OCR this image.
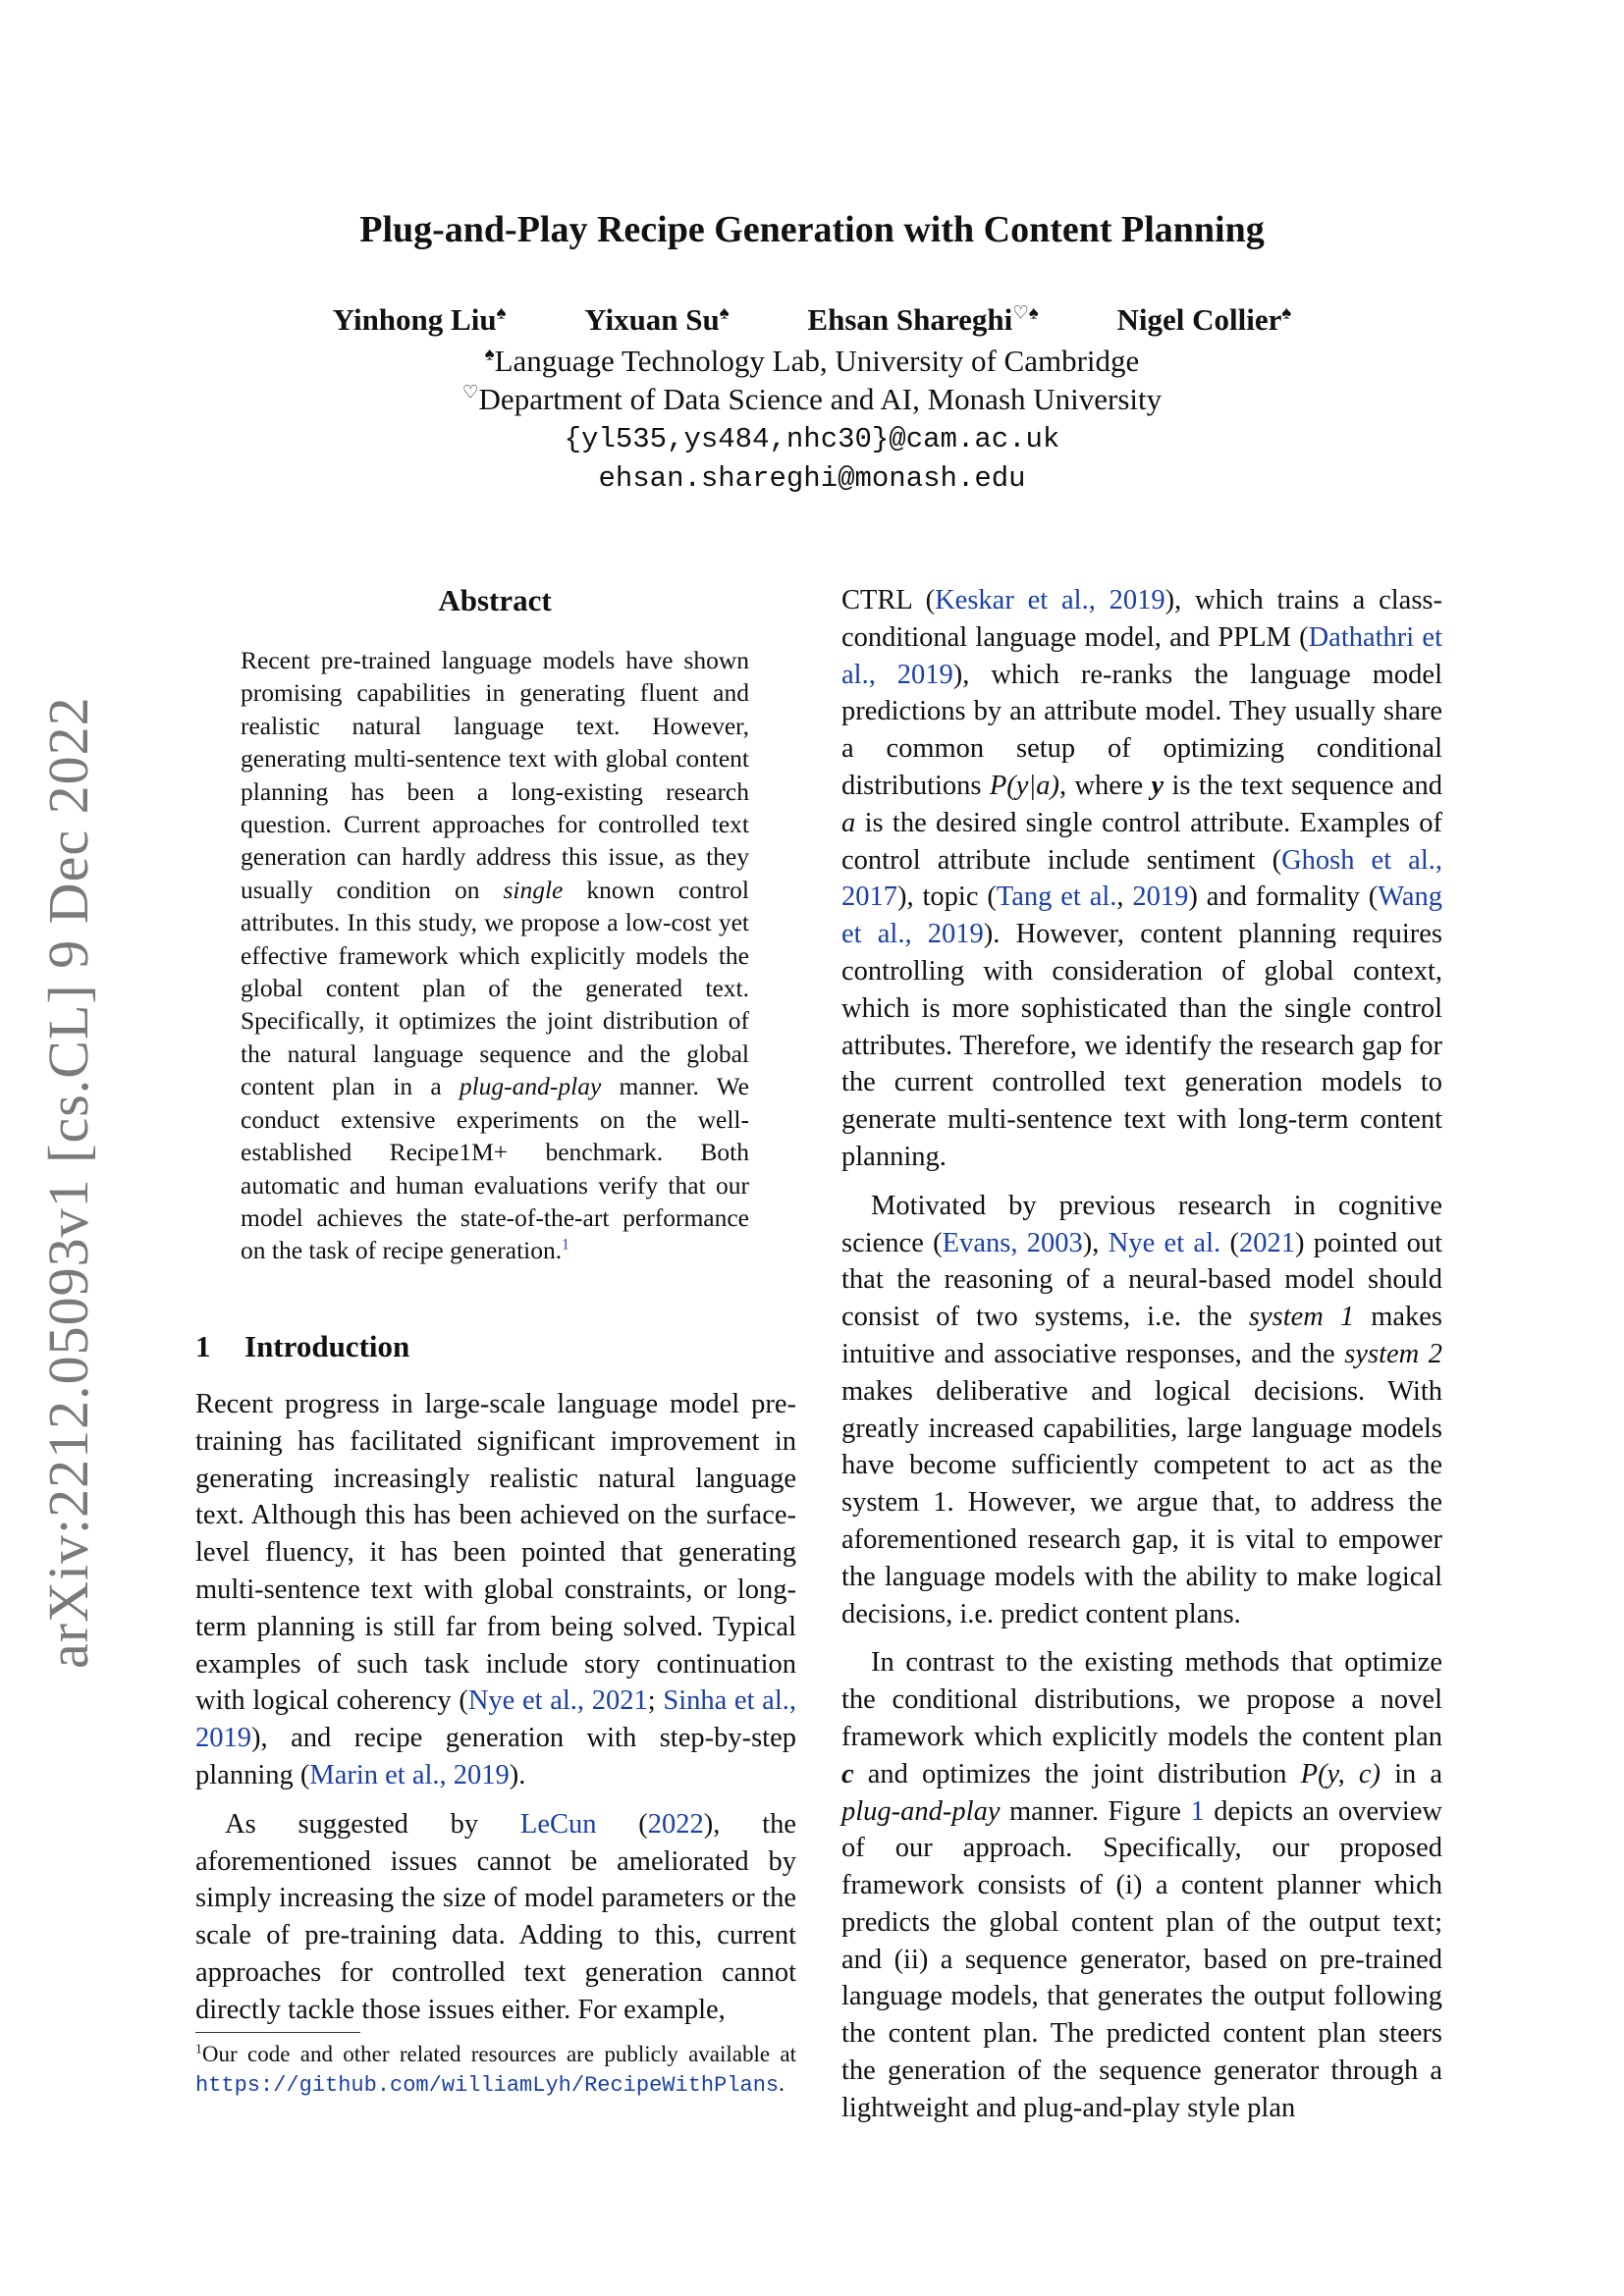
arXiv:2212.05093v1 [cs.CL] 9 Dec 2022
Plug-and-Play Recipe Generation with Content Planning
Yinhong Liu♠	Yixuan Su♠	Ehsan Shareghi♡♠	Nigel Collier♠
♠Language Technology Lab, University of Cambridge
♡Department of Data Science and AI, Monash University
{yl535,ys484,nhc30}@cam.ac.uk
ehsan.shareghi@monash.edu
Abstract
Recent pre-trained language models have shown promising capabilities in generating fluent and realistic natural language text. However, generating multi-sentence text with global content planning has been a long-existing research question. Current approaches for controlled text generation can hardly address this issue, as they usually condition on single known control attributes. In this study, we propose a low-cost yet effective framework which explicitly models the global content plan of the generated text. Specifically, it optimizes the joint distribution of the natural language sequence and the global content plan in a plug-and-play manner. We conduct extensive experiments on the well-established Recipe1M+ benchmark. Both automatic and human evaluations verify that our model achieves the state-of-the-art performance on the task of recipe generation.$^1$
1 Introduction

Recent progress in large-scale language model pre-training has facilitated significant improvement in generating increasingly realistic natural language text. Although this has been achieved on the surface-level fluency, it has been pointed that generating multi-sentence text with global constraints, or long-term planning is still far from being solved. Typical examples of such task include story continuation with logical coherency (Nye et al., 2021; Sinha et al., 2019), and recipe generation with step-by-step planning (Marin et al., 2019).

As suggested by LeCun (2022), the aforementioned issues cannot be ameliorated by simply increasing the size of model parameters or the scale of pre-training data. Adding to this, current approaches for controlled text generation cannot directly tackle those issues either. For example,

CTRL (Keskar et al., 2019), which trains a class-conditional language model, and PPLM (Dathathri et al., 2019), which re-ranks the language model predictions by an attribute model. They usually share a common setup of optimizing conditional distributions P(y|a), where y is the text sequence and a is the desired single control attribute. Examples of control attribute include sentiment (Ghosh et al., 2017), topic (Tang et al., 2019) and formality (Wang et al., 2019). However, content planning requires controlling with consideration of global context, which is more sophisticated than the single control attributes. Therefore, we identify the research gap for the current controlled text generation models to generate multi-sentence text with long-term content planning.

Motivated by previous research in cognitive science (Evans, 2003), Nye et al. (2021) pointed out that the reasoning of a neural-based model should consist of two systems, i.e. the system 1 makes intuitive and associative responses, and the system 2 makes deliberative and logical decisions. With greatly increased capabilities, large language models have become sufficiently competent to act as the system 1. However, we argue that, to address the aforementioned research gap, it is vital to empower the language models with the ability to make logical decisions, i.e. predict content plans.

In contrast to the existing methods that optimize the conditional distributions, we propose a novel framework which explicitly models the content plan c and optimizes the joint distribution P(y, c) in a plug-and-play manner. Figure 1 depicts an overview of our approach. Specifically, our proposed framework consists of (i) a content planner which predicts the global content plan of the output text; and (ii) a sequence generator, based on pre-trained language models, that generates the output following the content plan. The predicted content plan steers the generation of the sequence generator through a lightweight and plug-and-play style plan

$^1$Our code and other related resources are publicly available at https://github.com/williamLyh/RecipeWithPlans.
